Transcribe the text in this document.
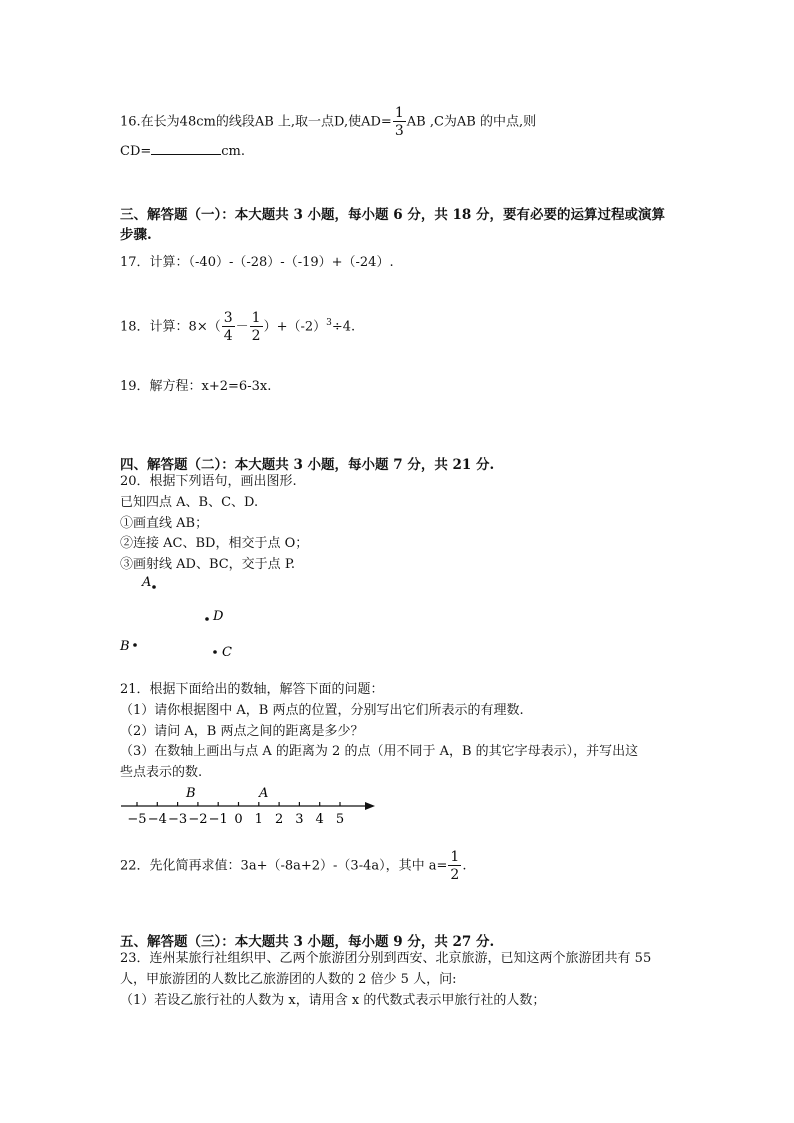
16.在长为48cm的线段AB 上,取一点D,使$AD= \frac{1}{3}$ AB ,C为AB 的中点,则
CD=	cm.
三、解答题（一）：本大题共 3 小题，每小题 6 分，共 18 分，要有必要的运算过程或演算
步骤.
17．计算：（-40）-（-28）-（-19）+（-24）.
18．计算：$8\times( \frac{3}{4} - \frac{1}{2} )+(-2)^3\div 4$.
19．解方程：x+2=6-3x.
四、解答题（二）：本大题共 3 小题，每小题 7 分，共 21 分.
20．根据下列语句，画出图形.
已知四点 A、B、C、D.
①画直线 AB；
②连接 AC、BD，相交于点 O；
③画射线 AD、BC，交于点 P.
A
D
B	C
21．根据下面给出的数轴，解答下面的问题：
（1）请你根据图中 A，B 两点的位置，分别写出它们所表示的有理数.
（2）请问 A，B 两点之间的距离是多少？
（3）在数轴上画出与点 A 的距离为 2 的点（用不同于 A，B 的其它字母表示），并写出这
些点表示的数.
B	A
−5 −4 −3 −2 −1 0 1 2 3 4 5
22．先化简再求值：3a+（-8a+2）-（3-4a），其中 $a= \frac{1}{2}$ .
五、解答题（三）：本大题共 3 小题，每小题 9 分，共 27 分.
23．连州某旅行社组织甲、乙两个旅游团分别到西安、北京旅游，已知这两个旅游团共有 55
人，甲旅游团的人数比乙旅游团的人数的 2 倍少 5 人，问:
（1）若设乙旅行社的人数为 x，请用含 x 的代数式表示甲旅行社的人数；
